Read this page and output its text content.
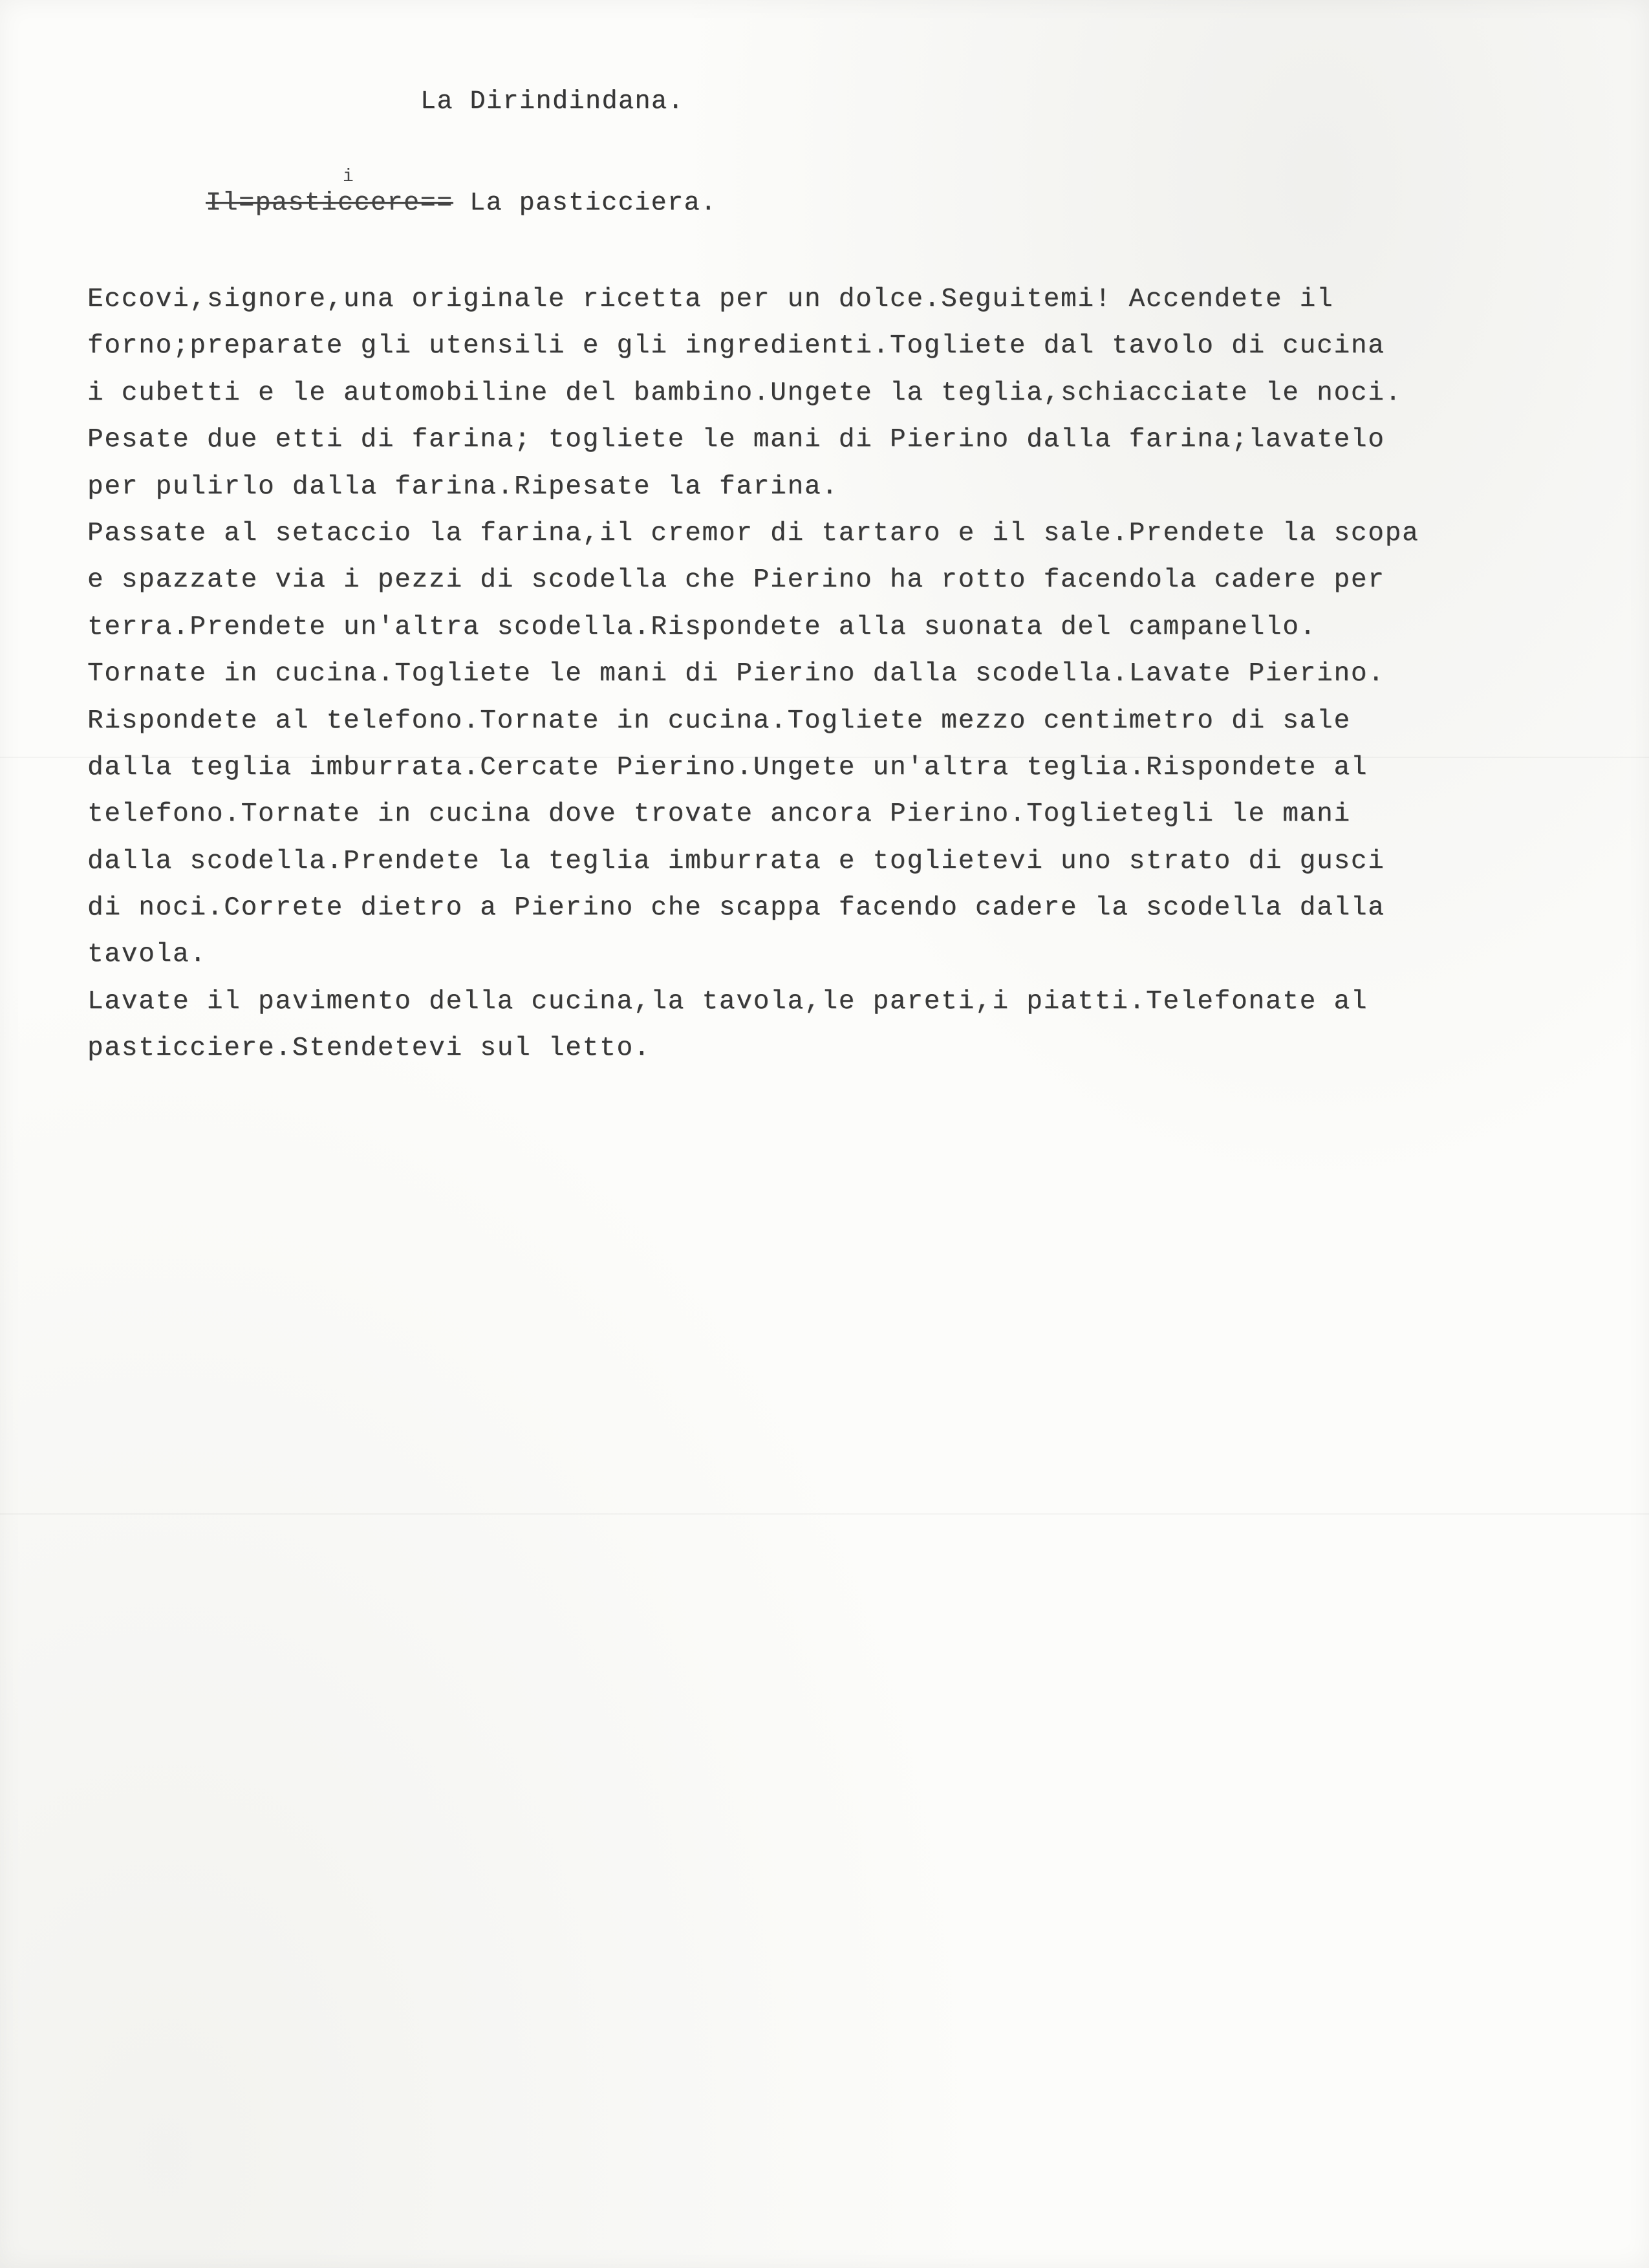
La Dirindindana.
i
Il=pasticcere== La pasticciera.
Eccovi,signore,una originale ricetta per un dolce.Seguitemi! Accendete il
forno;preparate gli utensili e gli ingredienti.Togliete dal tavolo di cucina
i cubetti e le automobiline del bambino.Ungete la teglia,schiacciate le noci.
Pesate due etti di farina; togliete le mani di Pierino dalla farina;lavatelo
per pulirlo dalla farina.Ripesate la farina.
Passate al setaccio la farina,il cremor di tartaro e il sale.Prendete la scopa
e spazzate via i pezzi di scodella che Pierino ha rotto facendola cadere per
terra.Prendete un'altra scodella.Rispondete alla suonata del campanello.
Tornate in cucina.Togliete le mani di Pierino dalla scodella.Lavate Pierino.
Rispondete al telefono.Tornate in cucina.Togliete mezzo centimetro di sale
dalla teglia imburrata.Cercate Pierino.Ungete un'altra teglia.Rispondete al
telefono.Tornate in cucina dove trovate ancora Pierino.Toglietegli le mani
dalla scodella.Prendete la teglia imburrata e toglietevi uno strato di gusci
di noci.Correte dietro a Pierino che scappa facendo cadere la scodella dalla
tavola.
Lavate il pavimento della cucina,la tavola,le pareti,i piatti.Telefonate al
pasticciere.Stendetevi sul letto.
